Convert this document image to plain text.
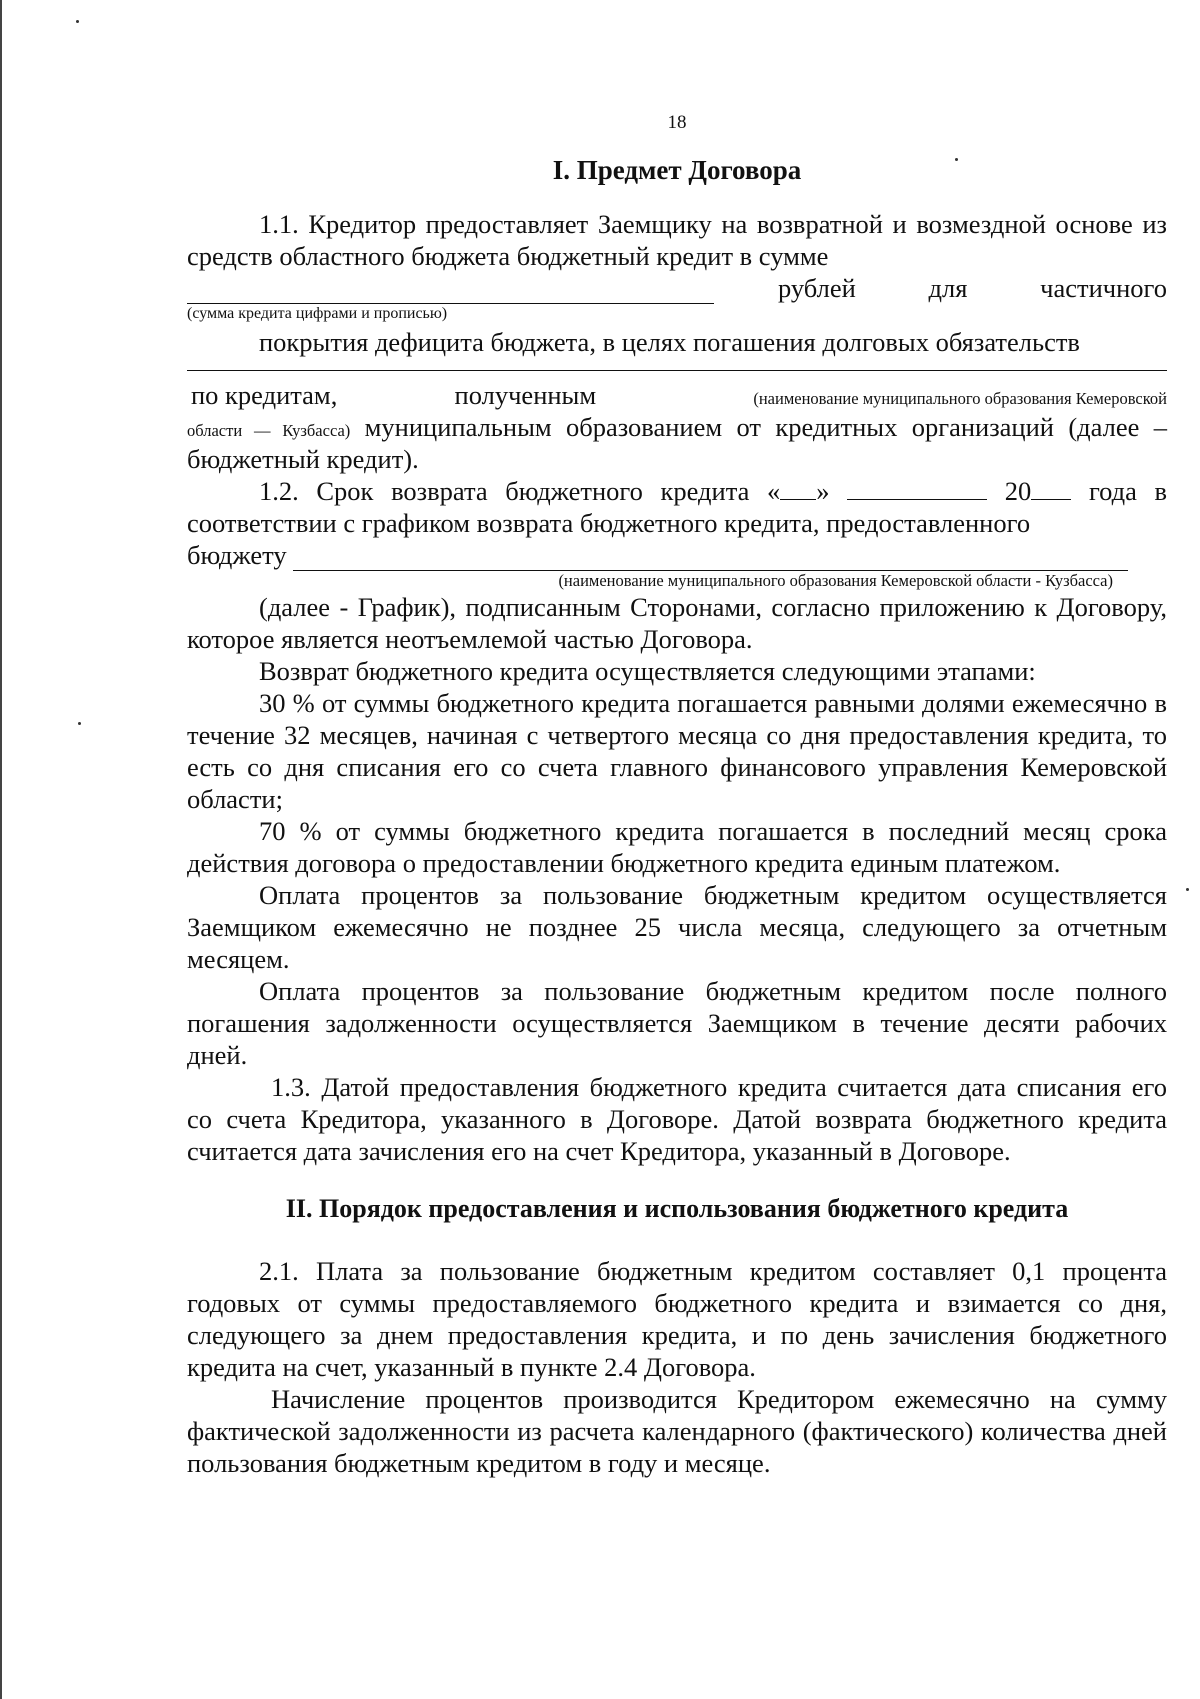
18
I. Предмет Договора

1.1. Кредитор предоставляет Заемщику на возвратной и возмездной основе из средств областного бюджета бюджетный кредит в сумме

рублей	для	частичного
(сумма кредита цифрами и прописью)

покрытия дефицита бюджета, в целях погашения долговых обязательств

по кредитам,	полученным	(наименование муниципального образования Кемеровской

области — Кузбасса) муниципальным образованием от кредитных организаций (далее – бюджетный кредит).

1.2. Срок возврата бюджетного кредита « »	20 года в соответствии с графиком возврата бюджетного кредита, предоставленного

бюджету
(наименование муниципального образования Кемеровской области - Кузбасса)

(далее - График), подписанным Сторонами, согласно приложению к Договору, которое является неотъемлемой частью Договора.

Возврат бюджетного кредита осуществляется следующими этапами:

30 % от суммы бюджетного кредита погашается равными долями ежемесячно в течение 32 месяцев, начиная с четвертого месяца со дня предоставления кредита, то есть со дня списания его со счета главного финансового управления Кемеровской области;

70 % от суммы бюджетного кредита погашается в последний месяц срока действия договора о предоставлении бюджетного кредита единым платежом.

Оплата процентов за пользование бюджетным кредитом осуществляется Заемщиком ежемесячно не позднее 25 числа месяца, следующего за отчетным месяцем.

Оплата процентов за пользование бюджетным кредитом после полного погашения задолженности осуществляется Заемщиком в течение десяти рабочих дней.

1.3. Датой предоставления бюджетного кредита считается дата списания его со счета Кредитора, указанного в Договоре. Датой возврата бюджетного кредита считается дата зачисления его на счет Кредитора, указанный в Договоре.

II. Порядок предоставления и использования бюджетного кредита

2.1. Плата за пользование бюджетным кредитом составляет 0,1 процента годовых от суммы предоставляемого бюджетного кредита и взимается со дня, следующего за днем предоставления кредита, и по день зачисления бюджетного кредита на счет, указанный в пункте 2.4 Договора.

Начисление процентов производится Кредитором ежемесячно на сумму фактической задолженности из расчета календарного (фактического) количества дней пользования бюджетным кредитом в году и месяце.
